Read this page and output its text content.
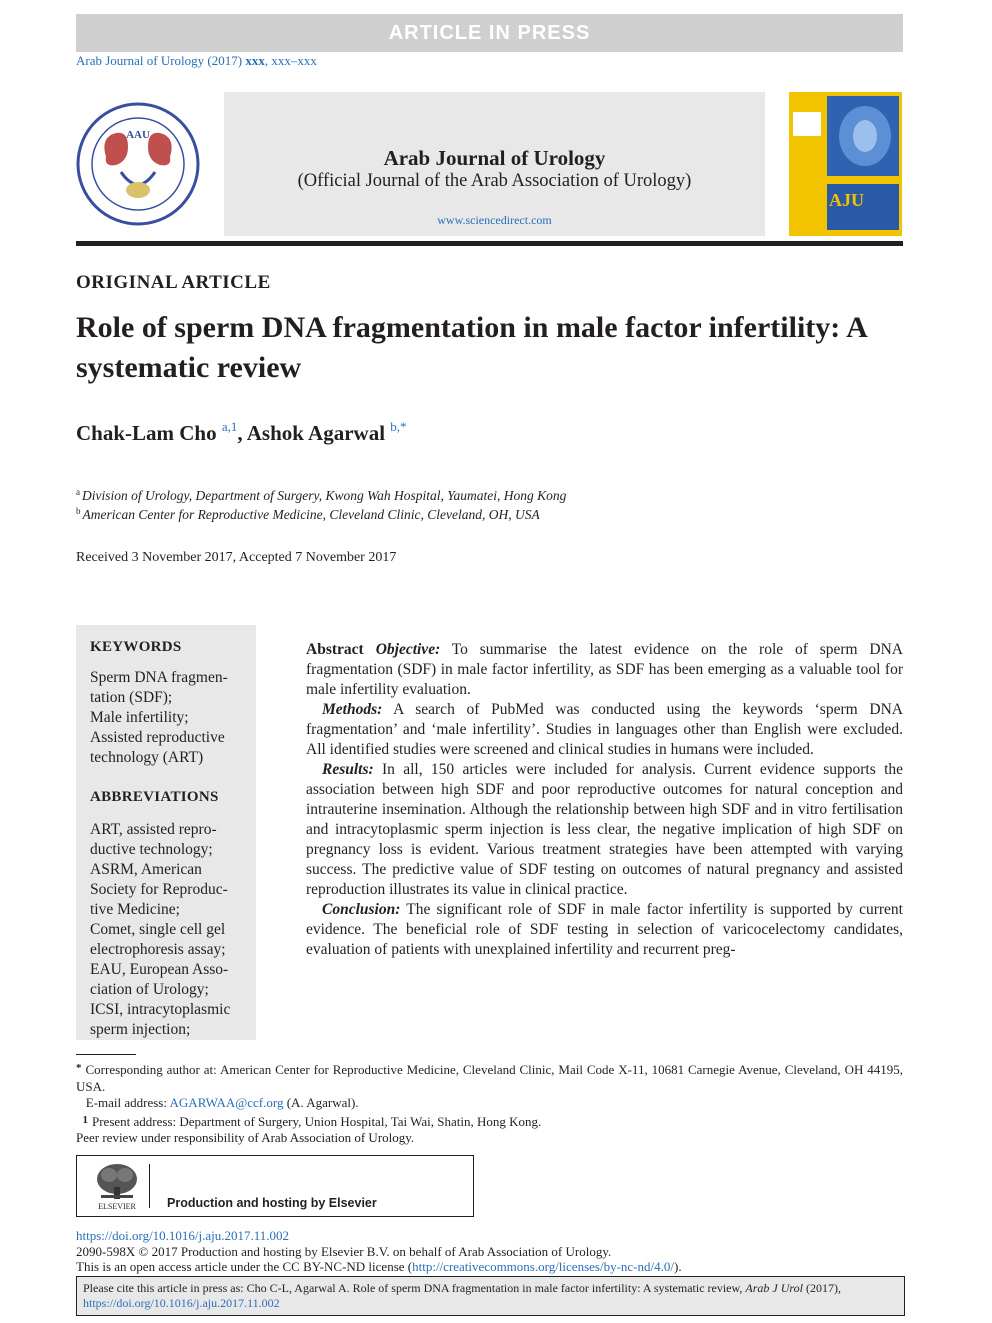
ARTICLE IN PRESS
Arab Journal of Urology (2017) xxx, xxx–xxx
AAU
Arab Journal of Urology
(Official Journal of the Arab Association of Urology)
www.sciencedirect.com
AJU
ORIGINAL ARTICLE
Role of sperm DNA fragmentation in male factor infertility: A systematic review
Chak-Lam Cho $^{a,1}$, Ashok Agarwal $^{b,*}$
$^a$ Division of Urology, Department of Surgery, Kwong Wah Hospital, Yaumatei, Hong Kong
$^b$ American Center for Reproductive Medicine, Cleveland Clinic, Cleveland, OH, USA
Received 3 November 2017, Accepted 7 November 2017
KEYWORDS
Sperm DNA fragmen-
tation (SDF);
Male infertility;
Assisted reproductive
technology (ART)
ABBREVIATIONS
ART, assisted repro-
ductive technology;
ASRM, American
Society for Reproduc-
tive Medicine;
Comet, single cell gel
electrophoresis assay;
EAU, European Asso-
ciation of Urology;
ICSI, intracytoplasmic
sperm injection;

Abstract Objective: To summarise the latest evidence on the role of sperm DNA fragmentation (SDF) in male factor infertility, as SDF has been emerging as a valuable tool for male infertility evaluation.

Methods: A search of PubMed was conducted using the keywords ‘sperm DNA fragmentation’ and ‘male infertility’. Studies in languages other than English were excluded. All identified studies were screened and clinical studies in humans were included.

Results: In all, 150 articles were included for analysis. Current evidence supports the association between high SDF and poor reproductive outcomes for natural conception and intrauterine insemination. Although the relationship between high SDF and in vitro fertilisation and intracytoplasmic sperm injection is less clear, the negative implication of high SDF on pregnancy loss is evident. Various treatment strategies have been attempted with varying success. The predictive value of SDF testing on outcomes of natural pregnancy and assisted reproduction illustrates its value in clinical practice.

Conclusion: The significant role of SDF in male factor infertility is supported by current evidence. The beneficial role of SDF testing in selection of varicocelectomy candidates, evaluation of patients with unexplained infertility and recurrent preg-

* Corresponding author at: American Center for Reproductive Medicine, Cleveland Clinic, Mail Code X-11, 10681 Carnegie Avenue, Cleveland, OH 44195, USA.

E-mail address: AGARWAA@ccf.org (A. Agarwal).

$^1$ Present address: Department of Surgery, Union Hospital, Tai Wai, Shatin, Hong Kong.

Peer review under responsibility of Arab Association of Urology.

ELSEVIER Production and hosting by Elsevier

https://doi.org/10.1016/j.aju.2017.11.002

2090-598X © 2017 Production and hosting by Elsevier B.V. on behalf of Arab Association of Urology.

This is an open access article under the CC BY-NC-ND license (http://creativecommons.org/licenses/by-nc-nd/4.0/).

Please cite this article in press as: Cho C-L, Agarwal A. Role of sperm DNA fragmentation in male factor infertility: A systematic review, Arab J Urol (2017), https://doi.org/10.1016/j.aju.2017.11.002
